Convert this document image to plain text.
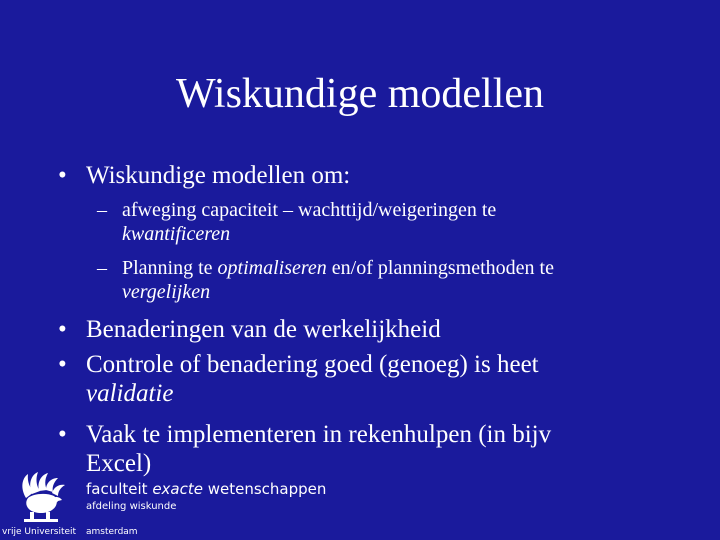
Wiskundige modellen
• Wiskundige modellen om:
– afweging capaciteit – wachttijd/weigeringen te
kwantificeren
– Planning te optimaliseren en/of planningsmethoden te
vergelijken
• Benaderingen van de werkelijkheid
• Controle of benadering goed (genoeg) is heet
validatie
• Vaak te implementeren in rekenhulpen (in bijv
Excel)
faculteit exacte wetenschappen
afdeling wiskunde
vrije Universiteit amsterdam
